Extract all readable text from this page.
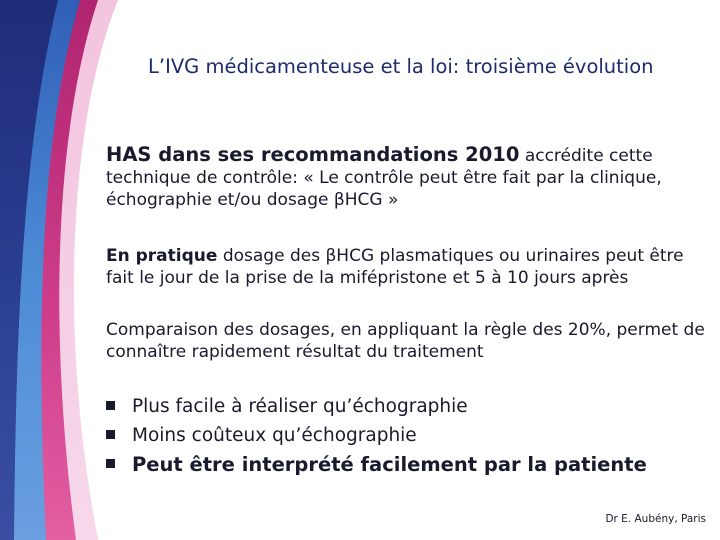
L’IVG médicamenteuse et la loi: troisième évolution
HAS dans ses recommandations 2010 accrédite cette
technique de contrôle: « Le contrôle peut être fait par la clinique, échographie et/ou dosage βHCG »
En pratique dosage des βHCG plasmatiques ou urinaires peut être fait le jour de la prise de la mifépristone et 5 à 10 jours après
Comparaison des dosages, en appliquant la règle des 20%, permet de connaître rapidement résultat du traitement
Plus facile à réaliser qu’échographie
Moins coûteux qu’échographie
Peut être interprété facilement par la patiente
Dr E. Aubény, Paris
